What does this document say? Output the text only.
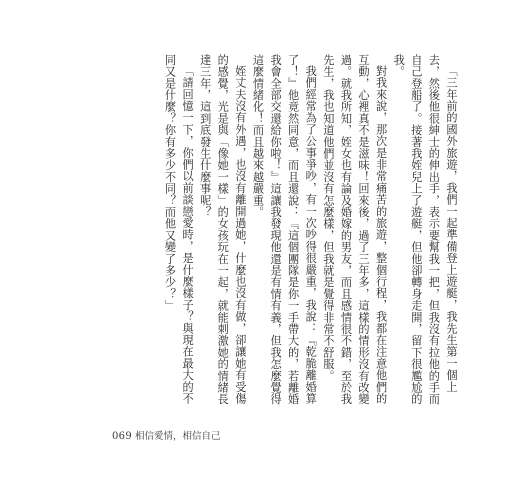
「三年前的國外旅遊，我們一起準備登上遊艇，我先生第一個上去，然後他很紳士的伸出手，表示要幫我一把，但我沒有拉他的手而自己登船了。接著我姪兒上了遊艇，但他卻轉身走開，留下很尷尬的我。

對我來說，那次是非常痛苦的旅遊，整個行程，我都在注意他們的互動，心裡真不是滋味！回來後，過了三年多，這樣的情形沒有改變過。就我所知，姪女也有論及婚嫁的男友，而且感情很不錯，至於我先生，我也知道他們並沒有怎麼樣，但我就是覺得非常不舒服。

我們經常為了公事爭吵，有一次吵得很嚴重，我說：『乾脆離婚算了！』他竟然同意，而且還說：『這個團隊是你一手帶大的，若離婚我會全部交還給你啦！』這讓我發現他還是有情有義，但我怎麼覺得這麼情緒化！而且越來越嚴重。

姪丈夫沒有外遇，也沒有離開過她，什麼也沒有做，卻讓她有受傷的感覺，光是與「像她一樣」的女孩玩在一起，就能刺激她的情緒長達三年，這到底發生什麼事呢？

「請回憶一下，你們以前談戀愛時，是什麼樣子？與現在最大的不同又是什麼？你有多少不同？而他又變了多少？」

069 相信愛情，相信自己
